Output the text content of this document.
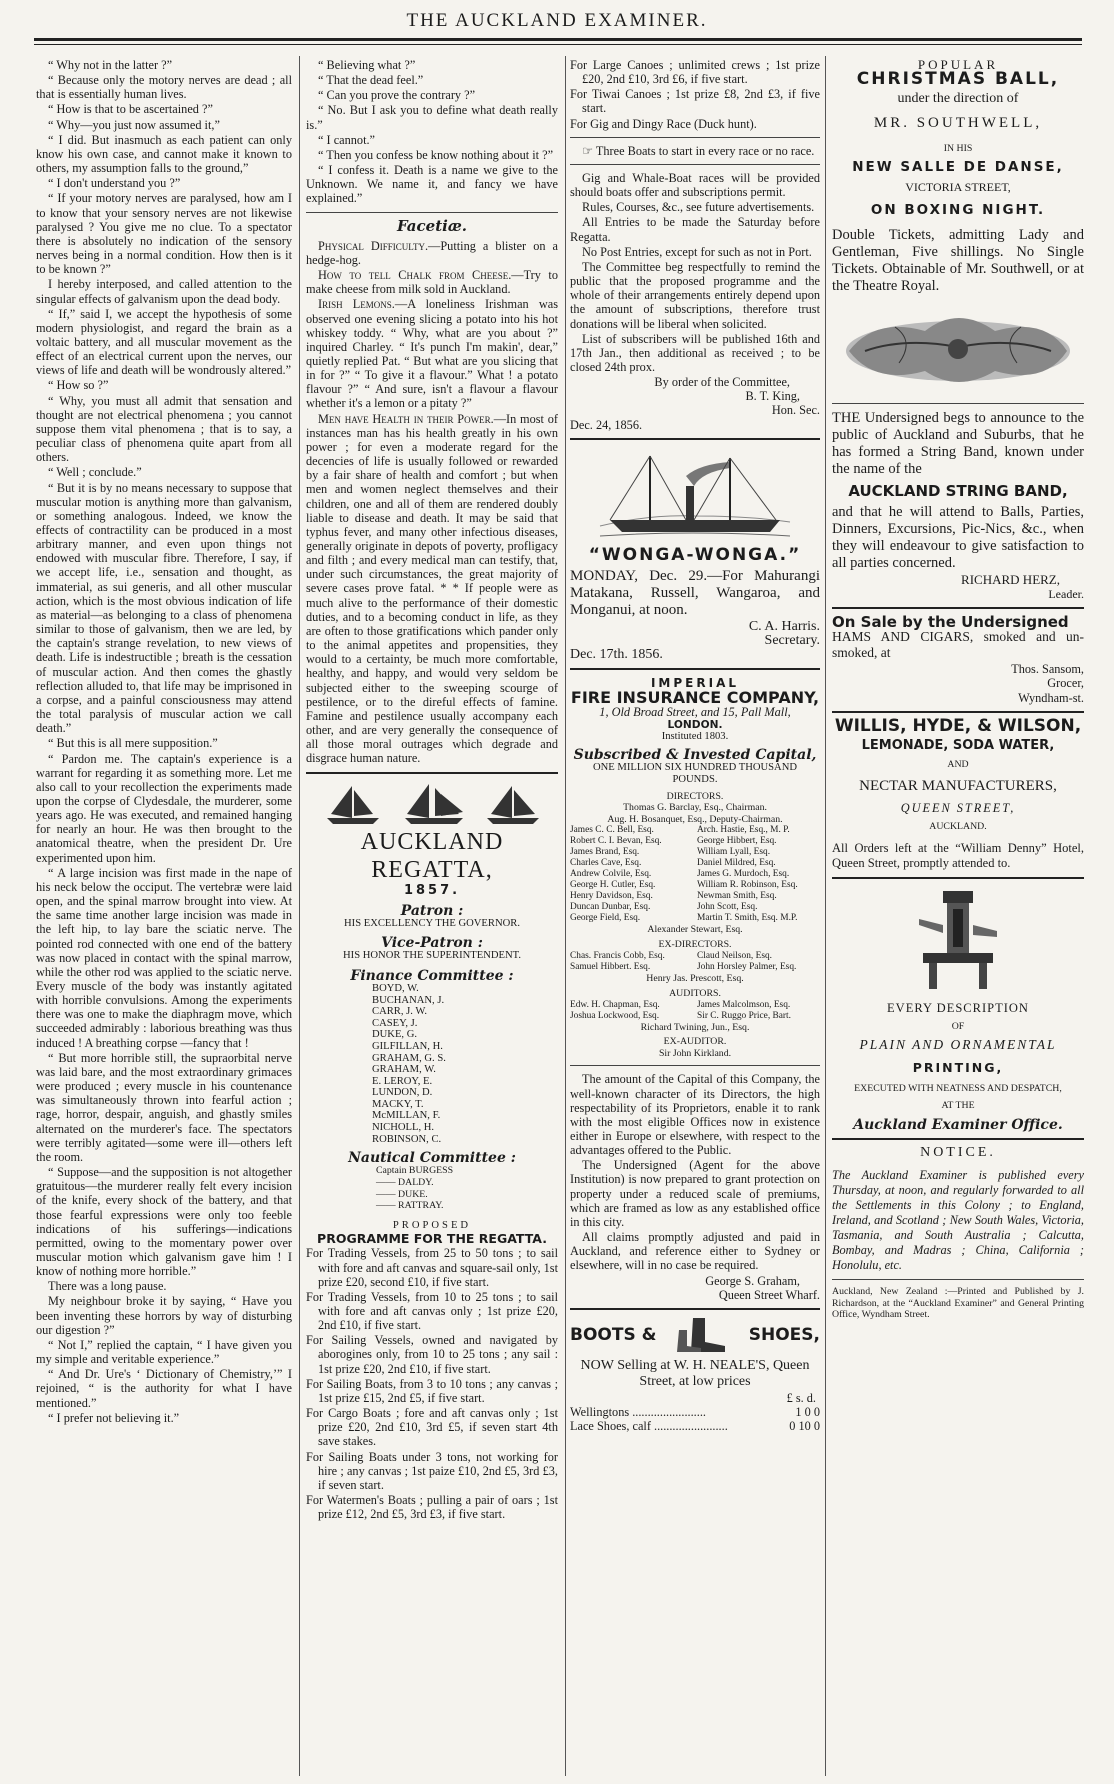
THE AUCKLAND EXAMINER.

“ Why not in the latter ?”

“ Because only the motory nerves are dead ; all that is essentially human lives.

“ How is that to be ascertained ?”

“ Why—you just now assumed it,”

“ I did. But inasmuch as each patient can only know his own case, and cannot make it known to others, my assumption falls to the ground,”

“ I don't understand you ?”

“ If your motory nerves are paralysed, how am I to know that your sensory nerves are not likewise paralysed ? You give me no clue. To a spectator there is absolutely no indication of the sensory nerves being in a normal condition. How then is it to be known ?”

I hereby interposed, and called attention to the singular effects of galvanism upon the dead body.

“ If,” said I, we accept the hypothesis of some modern physiologist, and regard the brain as a voltaic battery, and all muscular movement as the effect of an electrical current upon the nerves, our views of life and death will be wondrously altered.”

“ How so ?”

“ Why, you must all admit that sensation and thought are not electrical phenomena ; you cannot suppose them vital phenomena ; that is to say, a peculiar class of phenomena quite apart from all others.

“ Well ; conclude.”

“ But it is by no means necessary to suppose that muscular motion is anything more than galvanism, or something analogous. Indeed, we know the effects of contractility can be produced in a most arbitrary manner, and even upon things not endowed with muscular fibre. Therefore, I say, if we accept life, i.e., sensation and thought, as immaterial, as sui generis, and all other muscular action, which is the most obvious indication of life as material—as belonging to a class of phenomena similar to those of galvanism, then we are led, by the captain's strange revelation, to new views of death. Life is indestructible ; breath is the cessation of muscular action. And then comes the ghastly reflection alluded to, that life may be imprisoned in a corpse, and a painful consciousness may attend the total paralysis of muscular action we call death.”

“ But this is all mere supposition.”

“ Pardon me. The captain's experience is a warrant for regarding it as something more. Let me also call to your recollection the experiments made upon the corpse of Clydesdale, the murderer, some years ago. He was executed, and remained hanging for nearly an hour. He was then brought to the anatomical theatre, when the president Dr. Ure experimented upon him.

“ A large incision was first made in the nape of his neck below the occiput. The vertebræ were laid open, and the spinal marrow brought into view. At the same time another large incision was made in the left hip, to lay bare the sciatic nerve. The pointed rod connected with one end of the battery was now placed in contact with the spinal marrow, while the other rod was applied to the sciatic nerve. Every muscle of the body was instantly agitated with horrible convulsions. Among the experiments there was one to make the diaphragm move, which succeeded admirably : laborious breathing was thus induced ! A breathing corpse —fancy that !

“ But more horrible still, the supraorbital nerve was laid bare, and the most extraordinary grimaces were produced ; every muscle in his countenance was simultaneously thrown into fearful action ; rage, horror, despair, anguish, and ghastly smiles alternated on the murderer's face. The spectators were terribly agitated—some were ill—others left the room.

“ Suppose—and the supposition is not altogether gratuitous—the murderer really felt every incision of the knife, every shock of the battery, and that those fearful expressions were only too feeble indications of his sufferings—indications permitted, owing to the momentary power over muscular motion which galvanism gave him ! I know of nothing more horrible.”

There was a long pause.

My neighbour broke it by saying, “ Have you been inventing these horrors by way of disturbing our digestion ?”

“ Not I,” replied the captain, “ I have given you my simple and veritable experience.”

“ And Dr. Ure's ‘ Dictionary of Chemistry,’” I rejoined, “ is the authority for what I have mentioned.”

“ I prefer not believing it.”

“ Believing what ?”

“ That the dead feel.”

“ Can you prove the contrary ?”

“ No. But I ask you to define what death really is.”

“ I cannot.”

“ Then you confess be know nothing about it ?”

“ I confess it. Death is a name we give to the Unknown. We name it, and fancy we have explained.”

Facetiæ.

Physical Difficulty.—Putting a blister on a hedge-hog.

How to tell Chalk from Cheese.—Try to make cheese from milk sold in Auckland.

Irish Lemons.—A loneliness Irishman was observed one evening slicing a potato into his hot whiskey toddy. “ Why, what are you about ?” inquired Charley. “ It's punch I'm makin', dear,” quietly replied Pat. “ But what are you slicing that in for ?” “ To give it a flavour.” What ! a potato flavour ?” “ And sure, isn't a flavour a flavour whether it's a lemon or a pitaty ?”

Men have Health in their Power.—In most of instances man has his health greatly in his own power ; for even a moderate regard for the decencies of life is usually followed or rewarded by a fair share of health and comfort ; but when men and women neglect themselves and their children, one and all of them are rendered doubly liable to disease and death. It may be said that typhus fever, and many other infectious diseases, generally originate in depots of poverty, profligacy and filth ; and every medical man can testify, that, under such circumstances, the great majority of severe cases prove fatal. * * If people were as much alive to the performance of their domestic duties, and to a becoming conduct in life, as they are often to those gratifications which pander only to the animal appetites and propensities, they would to a certainty, be much more comfortable, healthy, and happy, and would very seldom be subjected either to the sweeping scourge of pestilence, or to the direful effects of famine. Famine and pestilence usually accompany each other, and are very generally the consequence of all those moral outrages which degrade and disgrace human nature.

AUCKLAND REGATTA,
1857.
Patron :
HIS EXCELLENCY THE GOVERNOR.
Vice-Patron :
HIS HONOR THE SUPERINTENDENT.
Finance Committee :
BOYD, W.
BUCHANAN, J.
CARR, J. W.
CASEY, J.
DUKE, G.
GILFILLAN, H.
GRAHAM, G. S.
GRAHAM, W.
E. LEROY, E.
LUNDON, D.
MACKY, T.
McMILLAN, F.
NICHOLL, H.
ROBINSON, C.
Nautical Committee :
Captain BURGESS
—— DALDY.
—— DUKE.
—— RATTRAY.
PROPOSED
PROGRAMME FOR THE REGATTA.

For Trading Vessels, from 25 to 50 tons ; to sail with fore and aft canvas and square-sail only, 1st prize £20, second £10, if five start.

For Trading Vessels, from 10 to 25 tons ; to sail with fore and aft canvas only ; 1st prize £20, 2nd £10, if five start.

For Sailing Vessels, owned and navigated by aborogines only, from 10 to 25 tons ; any sail : 1st prize £20, 2nd £10, if five start.

For Sailing Boats, from 3 to 10 tons ; any canvas ; 1st prize £15, 2nd £5, if five start.

For Cargo Boats ; fore and aft canvas only ; 1st prize £20, 2nd £10, 3rd £5, if seven start 4th save stakes.

For Sailing Boats under 3 tons, not working for hire ; any canvas ; 1st paize £10, 2nd £5, 3rd £3, if seven start.

For Watermen's Boats ; pulling a pair of oars ; 1st prize £12, 2nd £5, 3rd £3, if five start.

For Large Canoes ; unlimited crews ; 1st prize £20, 2nd £10, 3rd £6, if five start.

For Tiwai Canoes ; 1st prize £8, 2nd £3, if five start.

For Gig and Dingy Race (Duck hunt).

☞ Three Boats to start in every race or no race.

Gig and Whale-Boat races will be provided should boats offer and subscriptions permit.

Rules, Courses, &c., see future advertisements.

All Entries to be made the Saturday before Regatta.

No Post Entries, except for such as not in Port.

The Committee beg respectfully to remind the public that the proposed programme and the whole of their arrangements entirely depend upon the amount of subscriptions, therefore trust donations will be liberal when solicited.

List of subscribers will be published 16th and 17th Jan., then additional as received ; to be closed 24th prox.

By order of the Committee,
B. T. King,
Hon. Sec.
Dec. 24, 1856.
“WONGA-WONGA.”

MONDAY, Dec. 29.—For Mahurangi Matakana, Russell, Wangaroa, and Monganui, at noon.

C. A. Harris.
Secretary.
Dec. 17th. 1856.
IMPERIAL
FIRE INSURANCE COMPANY,
1, Old Broad Street, and 15, Pall Mall,
LONDON.
Instituted 1803.
Subscribed & Invested Capital,
ONE MILLION SIX HUNDRED THOUSAND POUNDS.
DIRECTORS.
Thomas G. Barclay, Esq., Chairman.
Aug. H. Bosanquet, Esq., Deputy-Chairman.
James C. C. Bell, Esq.	Arch. Hastie, Esq., M. P.
Robert C. I. Bevan, Esq.	George Hibbert, Esq.
James Brand, Esq.	William Lyall, Esq.
Charles Cave, Esq.	Daniel Mildred, Esq.
Andrew Colvile, Esq.	James G. Murdoch, Esq.
George H. Cutler, Esq.	William R. Robinson, Esq.
Henry Davidson, Esq.	Newman Smith, Esq.
Duncan Dunbar, Esq.	John Scott, Esq.
George Field, Esq.	Martin T. Smith, Esq. M.P.
Alexander Stewart, Esq.
EX-DIRECTORS.
Chas. Francis Cobb, Esq.	Claud Neilson, Esq.
Samuel Hibbert. Esq.	John Horsley Palmer, Esq.
Henry Jas. Prescott, Esq.
AUDITORS.
Edw. H. Chapman, Esq.	James Malcolmson, Esq.
Joshua Lockwood, Esq.	Sir C. Ruggo Price, Bart.
Richard Twining, Jun., Esq.
EX-AUDITOR.
Sir John Kirkland.

The amount of the Capital of this Company, the well-known character of its Directors, the high respectability of its Proprietors, enable it to rank with the most eligible Offices now in existence either in Europe or elsewhere, with respect to the advantages offered to the Public.

The Undersigned (Agent for the above Institution) is now prepared to grant protection on property under a reduced scale of premiums, which are framed as low as any established office in this city.

All claims promptly adjusted and paid in Auckland, and reference either to Sydney or elsewhere, will in no case be required.

George S. Graham,
Queen Street Wharf.
BOOTS &	SHOES,

NOW Selling at W. H. NEALE'S, Queen Street, at low prices

£ s. d.
Wellingtons ........................	1 0 0
Lace Shoes, calf ........................	0 10 0
POPULAR
CHRISTMAS BALL,
under the direction of
MR. SOUTHWELL,
IN HIS
NEW SALLE DE DANSE,
VICTORIA STREET,
ON BOXING NIGHT.

Double Tickets, admitting Lady and Gentleman, Five shillings. No Single Tickets. Obtainable of Mr. Southwell, or at the Theatre Royal.

THE Undersigned begs to announce to the public of Auckland and Suburbs, that he has formed a String Band, known under the name of the

AUCKLAND STRING BAND,

and that he will attend to Balls, Parties, Dinners, Excursions, Pic-Nics, &c., when they will endeavour to give satisfaction to all parties concerned.

RICHARD HERZ,
Leader.
On Sale by the Undersigned

HAMS AND CIGARS, smoked and un-smoked, at

Thos. Sansom,
Grocer,
Wyndham-st.
WILLIS, HYDE, & WILSON,
LEMONADE, SODA WATER,
AND
NECTAR MANUFACTURERS,
QUEEN STREET,
AUCKLAND.

All Orders left at the “William Denny” Hotel, Queen Street, promptly attended to.

EVERY DESCRIPTION
OF
PLAIN AND ORNAMENTAL
PRINTING,
EXECUTED WITH NEATNESS AND DESPATCH,
AT THE
Auckland Examiner Office.
NOTICE.

The Auckland Examiner is published every Thursday, at noon, and regularly forwarded to all the Settlements in this Colony ; to England, Ireland, and Scotland ; New South Wales, Victoria, Tasmania, and South Australia ; Calcutta, Bombay, and Madras ; China, California ; Honolulu, etc.

Auckland, New Zealand :—Printed and Published by J. Richardson, at the “Auckland Examiner” and General Printing Office, Wyndham Street.
